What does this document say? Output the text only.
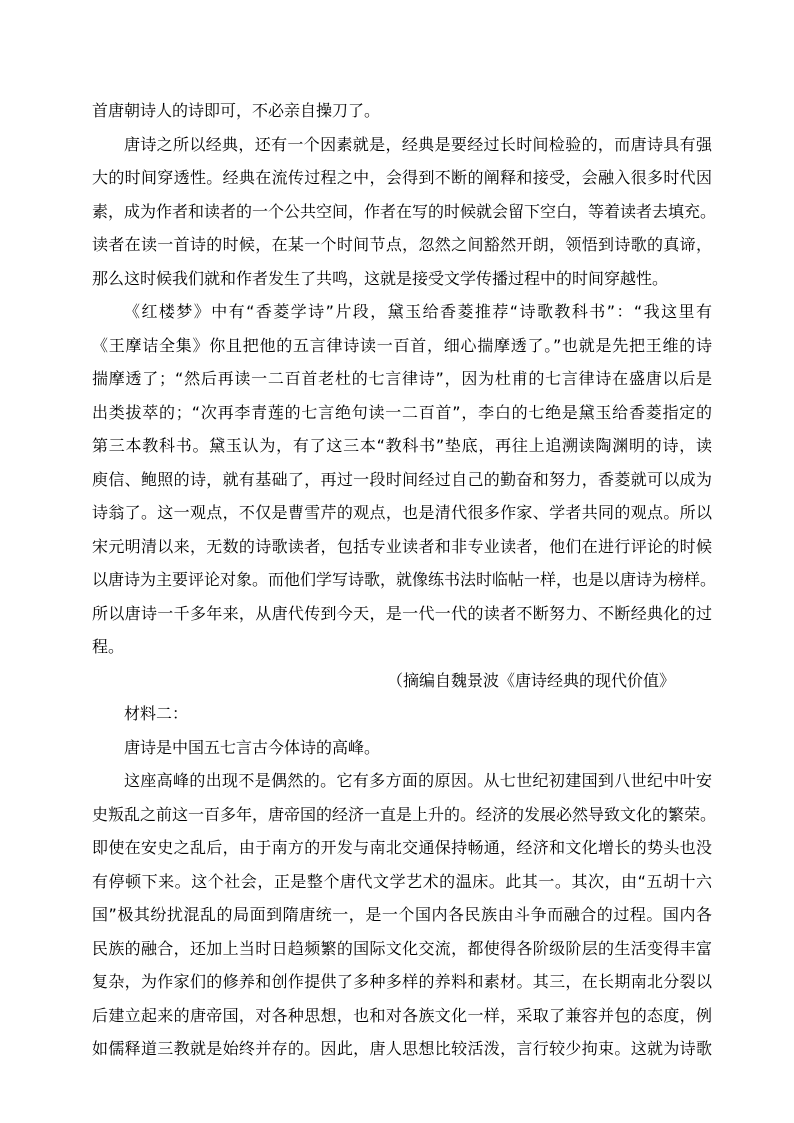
首唐朝诗人的诗即可，不必亲自操刀了。
唐诗之所以经典，还有一个因素就是，经典是要经过长时间检验的，而唐诗具有强
大的时间穿透性。经典在流传过程之中，会得到不断的阐释和接受，会融入很多时代因
素，成为作者和读者的一个公共空间，作者在写的时候就会留下空白，等着读者去填充。
读者在读一首诗的时候，在某一个时间节点，忽然之间豁然开朗，领悟到诗歌的真谛，
那么这时候我们就和作者发生了共鸣，这就是接受文学传播过程中的时间穿越性。
《红楼梦》中有“香菱学诗”片段，黛玉给香菱推荐“诗歌教科书”：“我这里有
《王摩诘全集》你且把他的五言律诗读一百首，细心揣摩透了。”也就是先把王维的诗
揣摩透了；“然后再读一二百首老杜的七言律诗”，因为杜甫的七言律诗在盛唐以后是
出类拔萃的；“次再李青莲的七言绝句读一二百首”，李白的七绝是黛玉给香菱指定的
第三本教科书。黛玉认为，有了这三本“教科书”垫底，再往上追溯读陶渊明的诗，读
庾信、鲍照的诗，就有基础了，再过一段时间经过自己的勤奋和努力，香菱就可以成为
诗翁了。这一观点，不仅是曹雪芹的观点，也是清代很多作家、学者共同的观点。所以
宋元明清以来，无数的诗歌读者，包括专业读者和非专业读者，他们在进行评论的时候
以唐诗为主要评论对象。而他们学写诗歌，就像练书法时临帖一样，也是以唐诗为榜样。
所以唐诗一千多年来，从唐代传到今天，是一代一代的读者不断努力、不断经典化的过
程。
（摘编自魏景波《唐诗经典的现代价值》
材料二：
唐诗是中国五七言古今体诗的高峰。
这座高峰的出现不是偶然的。它有多方面的原因。从七世纪初建国到八世纪中叶安
史叛乱之前这一百多年，唐帝国的经济一直是上升的。经济的发展必然导致文化的繁荣。
即使在安史之乱后，由于南方的开发与南北交通保持畅通，经济和文化增长的势头也没
有停顿下来。这个社会，正是整个唐代文学艺术的温床。此其一。其次，由“五胡十六
国”极其纷扰混乱的局面到隋唐统一，是一个国内各民族由斗争而融合的过程。国内各
民族的融合，还加上当时日趋频繁的国际文化交流，都使得各阶级阶层的生活变得丰富
复杂，为作家们的修养和创作提供了多种多样的养料和素材。其三，在长期南北分裂以
后建立起来的唐帝国，对各种思想，也和对各族文化一样，采取了兼容并包的态度，例
如儒释道三教就是始终并存的。因此，唐人思想比较活泼，言行较少拘束。这就为诗歌
